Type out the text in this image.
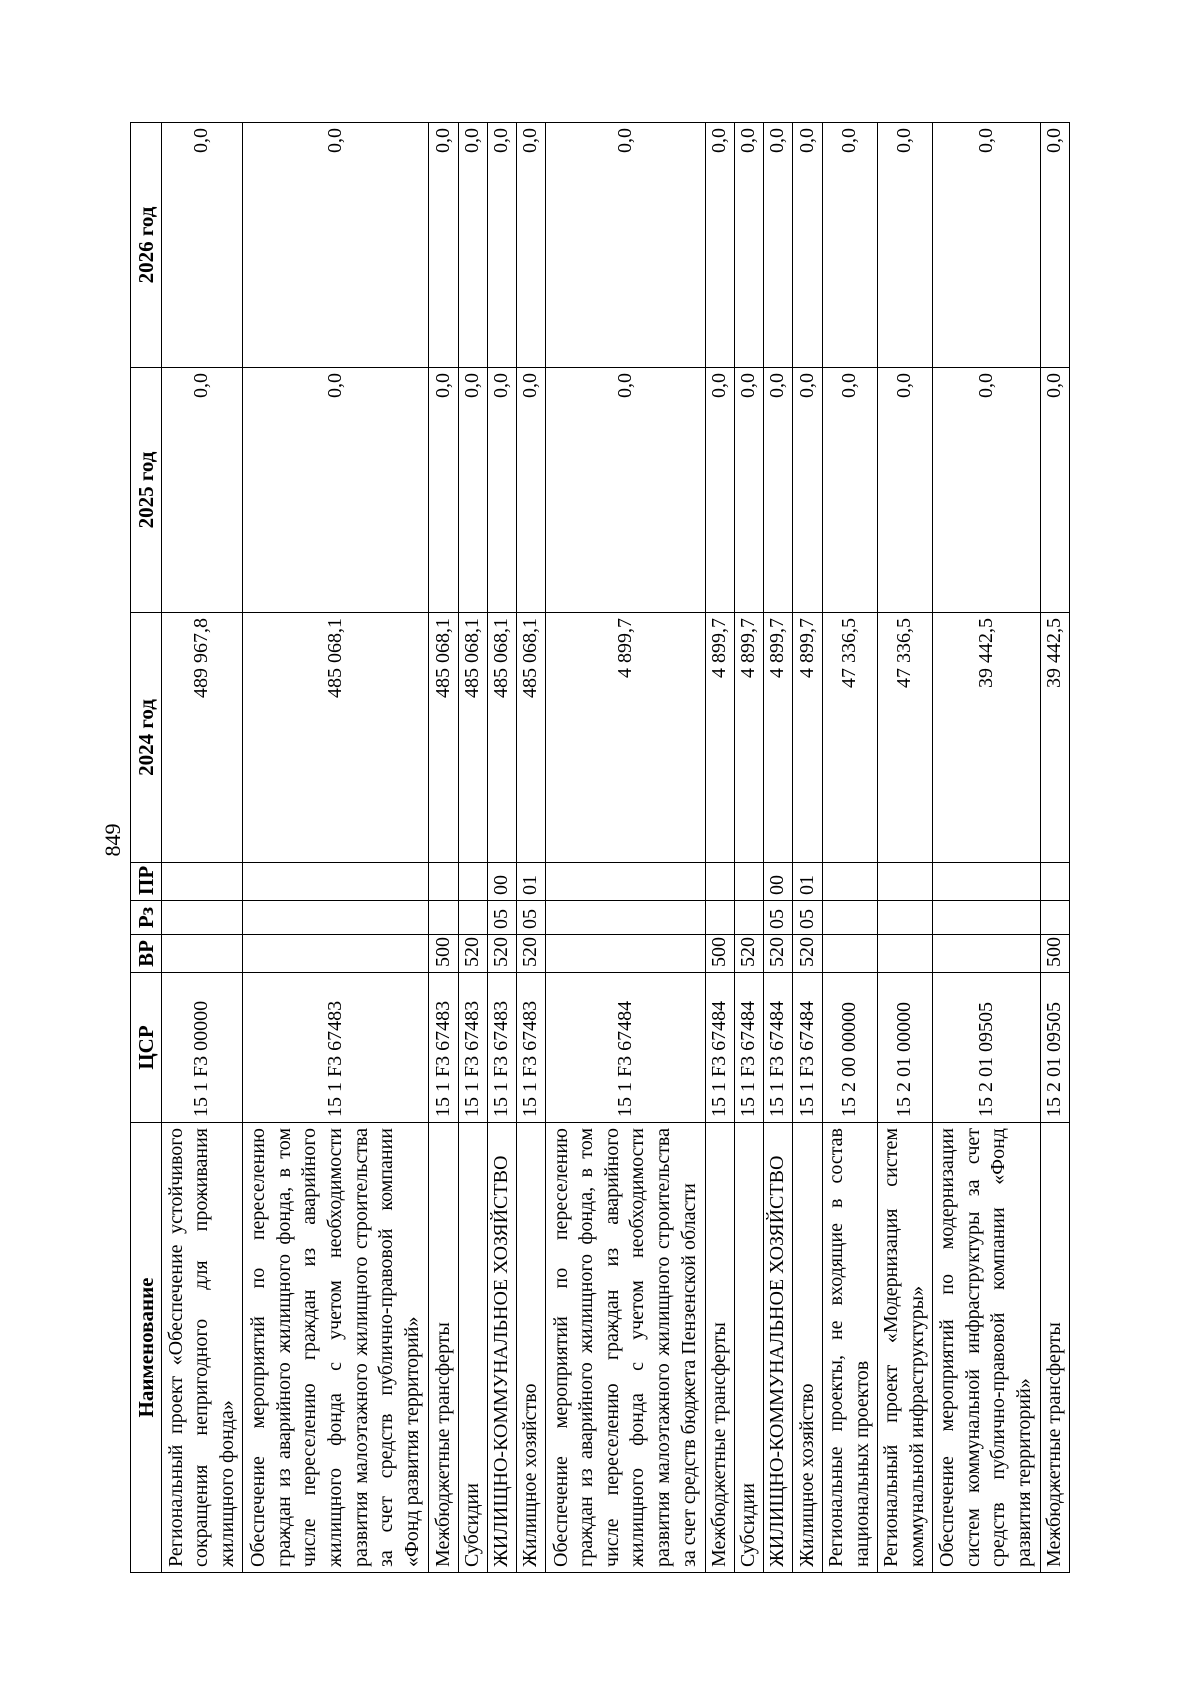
849
Наименование	ЦСР	ВР	Рз	ПР	2024 год	2025 год	2026 год
Региональный проект «Обеспечение устойчивого сокращения непригодного для проживания жилищного фонда»	15 1 F3 00000				489 967,8	0,0	0,0
Обеспечение мероприятий по переселению граждан из аварийного жилищного фонда, в том числе переселению граждан из аварийного жилищного фонда с учетом необходимости развития малоэтажного жилищного строительства за счет средств публично-правовой компании «Фонд развития территорий»	15 1 F3 67483				485 068,1	0,0	0,0
Межбюджетные трансферты	15 1 F3 67483	500			485 068,1	0,0	0,0
Субсидии	15 1 F3 67483	520			485 068,1	0,0	0,0
ЖИЛИЩНО-КОММУНАЛЬНОЕ ХОЗЯЙСТВО	15 1 F3 67483	520	05	00	485 068,1	0,0	0,0
Жилищное хозяйство	15 1 F3 67483	520	05	01	485 068,1	0,0	0,0
Обеспечение мероприятий по переселению граждан из аварийного жилищного фонда, в том числе переселению граждан из аварийного жилищного фонда с учетом необходимости развития малоэтажного жилищного строительства за счет средств бюджета Пензенской области	15 1 F3 67484				4 899,7	0,0	0,0
Межбюджетные трансферты	15 1 F3 67484	500			4 899,7	0,0	0,0
Субсидии	15 1 F3 67484	520			4 899,7	0,0	0,0
ЖИЛИЩНО-КОММУНАЛЬНОЕ ХОЗЯЙСТВО	15 1 F3 67484	520	05	00	4 899,7	0,0	0,0
Жилищное хозяйство	15 1 F3 67484	520	05	01	4 899,7	0,0	0,0
Региональные проекты, не входящие в состав национальных проектов	15 2 00 00000				47 336,5	0,0	0,0
Региональный проект «Модернизация систем коммунальной инфраструктуры»	15 2 01 00000				47 336,5	0,0	0,0
Обеспечение мероприятий по модернизации систем коммунальной инфраструктуры за счет средств публично-правовой компании «Фонд развития территорий»	15 2 01 09505				39 442,5	0,0	0,0
Межбюджетные трансферты	15 2 01 09505	500			39 442,5	0,0	0,0
